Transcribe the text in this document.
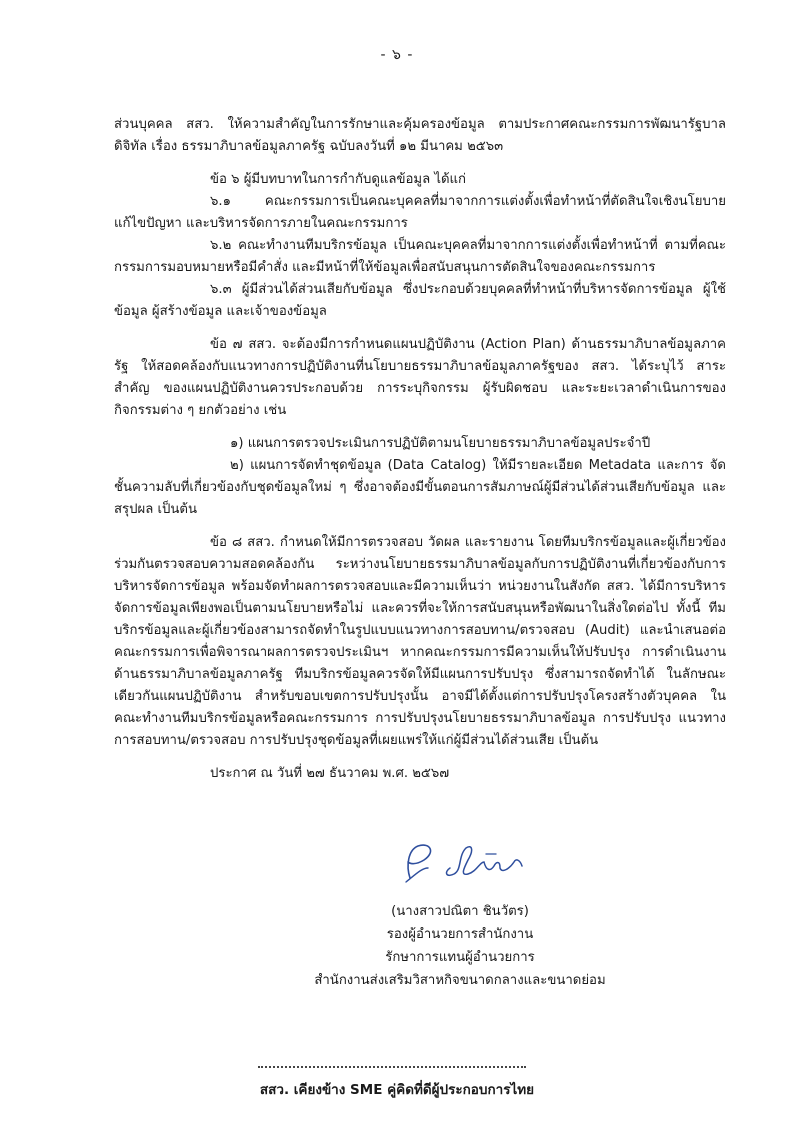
- ๖ -

ส่วนบุคคล สสว. ให้ความสำคัญในการรักษาและคุ้มครองข้อมูล ตามประกาศคณะกรรมการพัฒนารัฐบาลดิจิทัล เรื่อง ธรรมาภิบาลข้อมูลภาครัฐ ฉบับลงวันที่ ๑๒ มีนาคม ๒๕๖๓

ข้อ ๖ ผู้มีบทบาทในการกำกับดูแลข้อมูล ได้แก่

๖.๑ คณะกรรมการเป็นคณะบุคคลที่มาจากการแต่งตั้งเพื่อทำหน้าที่ตัดสินใจเชิงนโยบาย แก้ไขปัญหา และบริหารจัดการภายในคณะกรรมการ

๖.๒ คณะทำงานทีมบริกรข้อมูล เป็นคณะบุคคลที่มาจากการแต่งตั้งเพื่อทำหน้าที่ ตามที่คณะกรรมการมอบหมายหรือมีคำสั่ง และมีหน้าที่ให้ข้อมูลเพื่อสนับสนุนการตัดสินใจของคณะกรรมการ

๖.๓ ผู้มีส่วนได้ส่วนเสียกับข้อมูล ซึ่งประกอบด้วยบุคคลที่ทำหน้าที่บริหารจัดการข้อมูล ผู้ใช้ข้อมูล ผู้สร้างข้อมูล และเจ้าของข้อมูล

ข้อ ๗ สสว. จะต้องมีการกำหนดแผนปฏิบัติงาน (Action Plan) ด้านธรรมาภิบาลข้อมูลภาครัฐ ให้สอดคล้องกับแนวทางการปฏิบัติงานที่นโยบายธรรมาภิบาลข้อมูลภาครัฐของ สสว. ได้ระบุไว้ สาระสำคัญ ของแผนปฏิบัติงานควรประกอบด้วย การระบุกิจกรรม ผู้รับผิดชอบ และระยะเวลาดำเนินการของกิจกรรมต่าง ๆ ยกตัวอย่าง เช่น

๑) แผนการตรวจประเมินการปฏิบัติตามนโยบายธรรมาภิบาลข้อมูลประจำปี

๒) แผนการจัดทำชุดข้อมูล (Data Catalog) ให้มีรายละเอียด Metadata และการ จัดชั้นความลับที่เกี่ยวข้องกับชุดข้อมูลใหม่ ๆ ซึ่งอาจต้องมีขั้นตอนการสัมภาษณ์ผู้มีส่วนได้ส่วนเสียกับข้อมูล และสรุปผล เป็นต้น

ข้อ ๘ สสว. กำหนดให้มีการตรวจสอบ วัดผล และรายงาน โดยทีมบริกรข้อมูลและผู้เกี่ยวข้อง ร่วมกันตรวจสอบความสอดคล้องกัน ระหว่างนโยบายธรรมาภิบาลข้อมูลกับการปฏิบัติงานที่เกี่ยวข้องกับการ บริหารจัดการข้อมูล พร้อมจัดทำผลการตรวจสอบและมีความเห็นว่า หน่วยงานในสังกัด สสว. ได้มีการบริหาร จัดการข้อมูลเพียงพอเป็นตามนโยบายหรือไม่ และควรที่จะให้การสนับสนุนหรือพัฒนาในสิ่งใดต่อไป ทั้งนี้ ทีมบริกรข้อมูลและผู้เกี่ยวข้องสามารถจัดทำในรูปแบบแนวทางการสอบทาน/ตรวจสอบ (Audit) และนำเสนอต่อคณะกรรมการเพื่อพิจารณาผลการตรวจประเมินฯ หากคณะกรรมการมีความเห็นให้ปรับปรุง การดำเนินงานด้านธรรมาภิบาลข้อมูลภาครัฐ ทีมบริกรข้อมูลควรจัดให้มีแผนการปรับปรุง ซึ่งสามารถจัดทำได้ ในลักษณะเดียวกันแผนปฏิบัติงาน สำหรับขอบเขตการปรับปรุงนั้น อาจมีได้ตั้งแต่การปรับปรุงโครงสร้างตัวบุคคล ในคณะทำงานทีมบริกรข้อมูลหรือคณะกรรมการ การปรับปรุงนโยบายธรรมาภิบาลข้อมูล การปรับปรุง แนวทางการสอบทาน/ตรวจสอบ การปรับปรุงชุดข้อมูลที่เผยแพร่ให้แก่ผู้มีส่วนได้ส่วนเสีย เป็นต้น

ประกาศ ณ วันที่ ๒๗ ธันวาคม พ.ศ. ๒๕๖๗

(นางสาวปณิตา ชินวัตร)
รองผู้อำนวยการสำนักงาน
รักษาการแทนผู้อำนวยการ
สำนักงานส่งเสริมวิสาหกิจขนาดกลางและขนาดย่อม
สสว. เคียงข้าง SME คู่คิดที่ดีผู้ประกอบการไทย
